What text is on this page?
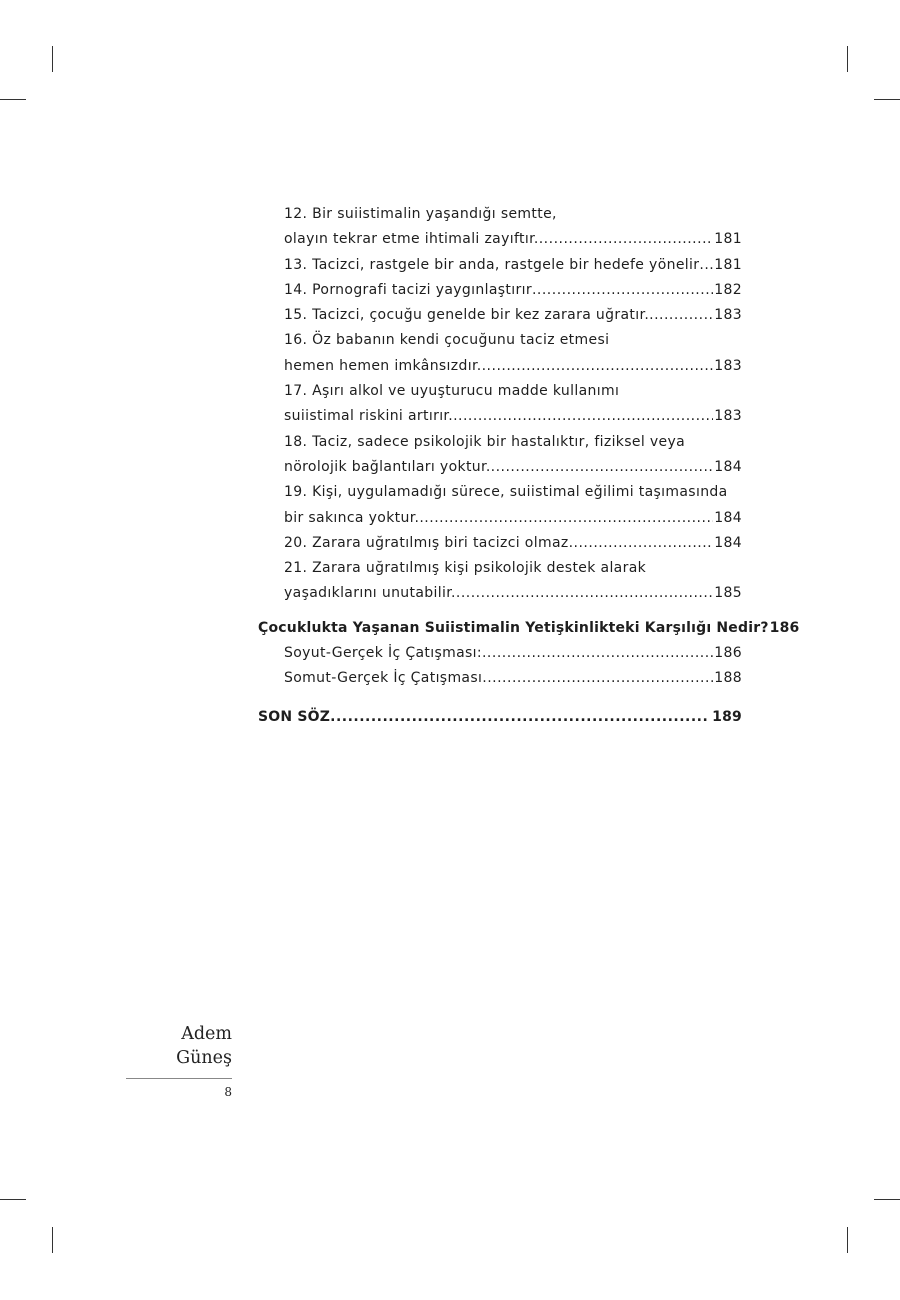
12. Bir suiistimalin yaşandığı semtte,
olayın tekrar etme ihtimali zayıftır. .....	181
13. Tacizci, rastgele bir anda, rastgele bir hedefe yönelir ..... 181
14. Pornografi tacizi yaygınlaştırır .....	182
15. Tacizci, çocuğu genelde bir kez zarara uğratır. .....	183
16. Öz babanın kendi çocuğunu taciz etmesi
hemen hemen imkânsızdır. .....	183
17. Aşırı alkol ve uyuşturucu madde kullanımı
suiistimal riskini artırır. .....	183
18. Taciz, sadece psikolojik bir hastalıktır, fiziksel veya
nörolojik bağlantıları yoktur. .....	184
19. Kişi, uygulamadığı sürece, suiistimal eğilimi taşımasında
bir sakınca yoktur. .....	184
20. Zarara uğratılmış biri tacizci olmaz .....	184
21. Zarara uğratılmış kişi psikolojik destek alarak
yaşadıklarını unutabilir. .....	185
Çocuklukta Yaşanan Suiistimalin Yetişkinlikteki Karşılığı Nedir? 186
Soyut-Gerçek İç Çatışması: .....	186
Somut-Gerçek İç Çatışması .....	188
SON SÖZ .....	189
Adem
Güneş
8
